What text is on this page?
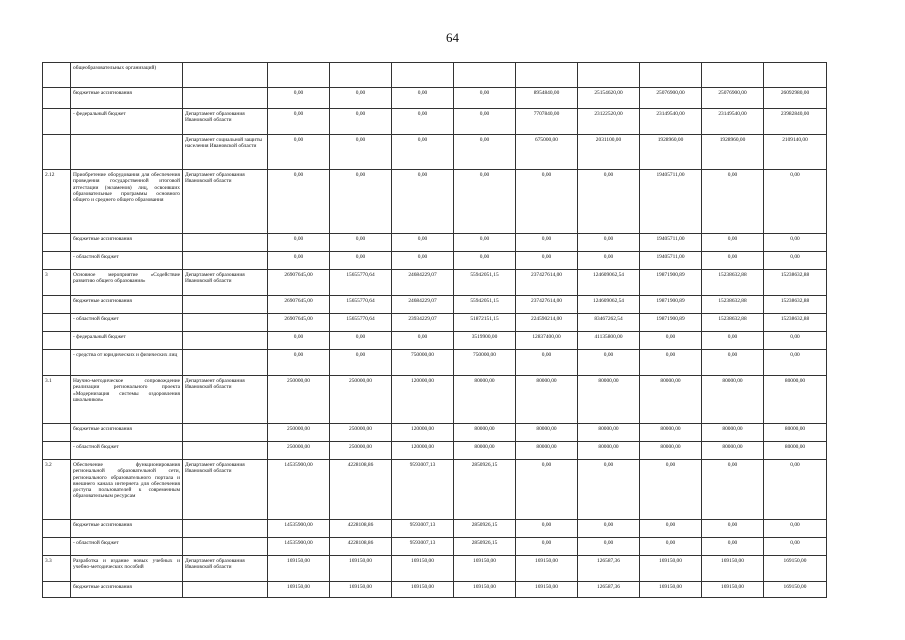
64
	общеобразовательных организаций)										
	бюджетные ассигнования		0,00	0,00	0,00	0,00	8954840,00	25154620,00	25076900,00	25076900,00	26092980,00
	- федеральный бюджет	Департамент образования Ивановской области	0,00	0,00	0,00	0,00	7707840,00	23122520,00	23149540,00	23149540,00	23982840,00
		Департамент социальной защиты населения Ивановской области	0,00	0,00	0,00	0,00	675000,00	2031100,00	1928960,00	1928960,00	2109140,00
2.12	Приобретение оборудования для обеспечения проведения государственной итоговой аттестации (экзаменов) лиц, освоивших образовательные программы основного общего и среднего общего образования	Департамент образования Ивановской области	0,00	0,00	0,00	0,00	0,00	0,00	19405711,00	0,00	0,00
	бюджетные ассигнования		0,00	0,00	0,00	0,00	0,00	0,00	19405711,00	0,00	0,00
	- областной бюджет		0,00	0,00	0,00	0,00	0,00	0,00	19405711,00	0,00	0,00
3	Основное мероприятие «Содействие развитию общего образования»	Департамент образования Ивановской области	26907645,00	15655770,64	24684229,07	55942051,15	237427614,00	124609062,54	19871900,89	15238632,88	15238632,88
	бюджетные ассигнования		26907645,00	15655770,64	24684229,07	55942051,15	237427614,00	124609062,54	19871900,89	15238632,88	15238632,88
	- областной бюджет		26907645,00	15655770,64	23934229,07	51872151,15	224590214,00	83467262,54	19871900,89	15238632,88	15238632,88
	- федеральный бюджет		0,00	0,00	0,00	3519900,00	12837400,00	41135800,00	0,00	0,00	0,00
	- средства от юридических и физических лиц		0,00	0,00	750000,00	750000,00	0,00	0,00	0,00	0,00	0,00
3.1	Научно-методическое сопровождение реализации регионального проекта «Модернизация системы оздоровления школьников»	Департамент образования Ивановской области	250000,00	250000,00	120000,00	80000,00	80000,00	80000,00	80000,00	80000,00	80000,00
	бюджетные ассигнования		250000,00	250000,00	120000,00	80000,00	80000,00	80000,00	80000,00	80000,00	80000,00
	- областной бюджет		250000,00	250000,00	120000,00	80000,00	80000,00	80000,00	80000,00	80000,00	80000,00
3.2	Обеспечение функционирования региональной образовательной сети, регионального образовательного портала и внешнего канала интернета для обеспечения доступа пользователей к современным образовательным ресурсам	Департамент образования Ивановской области	14535900,00	4228108,86	9593007,13	2850926,15	0,00	0,00	0,00	0,00	0,00
	бюджетные ассигнования		14535900,00	4228108,86	9593007,13	2850926,15	0,00	0,00	0,00	0,00	0,00
	- областной бюджет		14535900,00	4228108,86	9593007,13	2850926,15	0,00	0,00	0,00	0,00	0,00
3.3	Разработка и издание новых учебных и учебно-методических пособий	Департамент образования Ивановской области	169150,00	169150,00	169150,00	169150,00	169150,00	126587,36	169150,00	169150,00	169150,00
	бюджетные ассигнования		169150,00	169150,00	169150,00	169150,00	169150,00	126587,36	169150,00	169150,00	169150,00
